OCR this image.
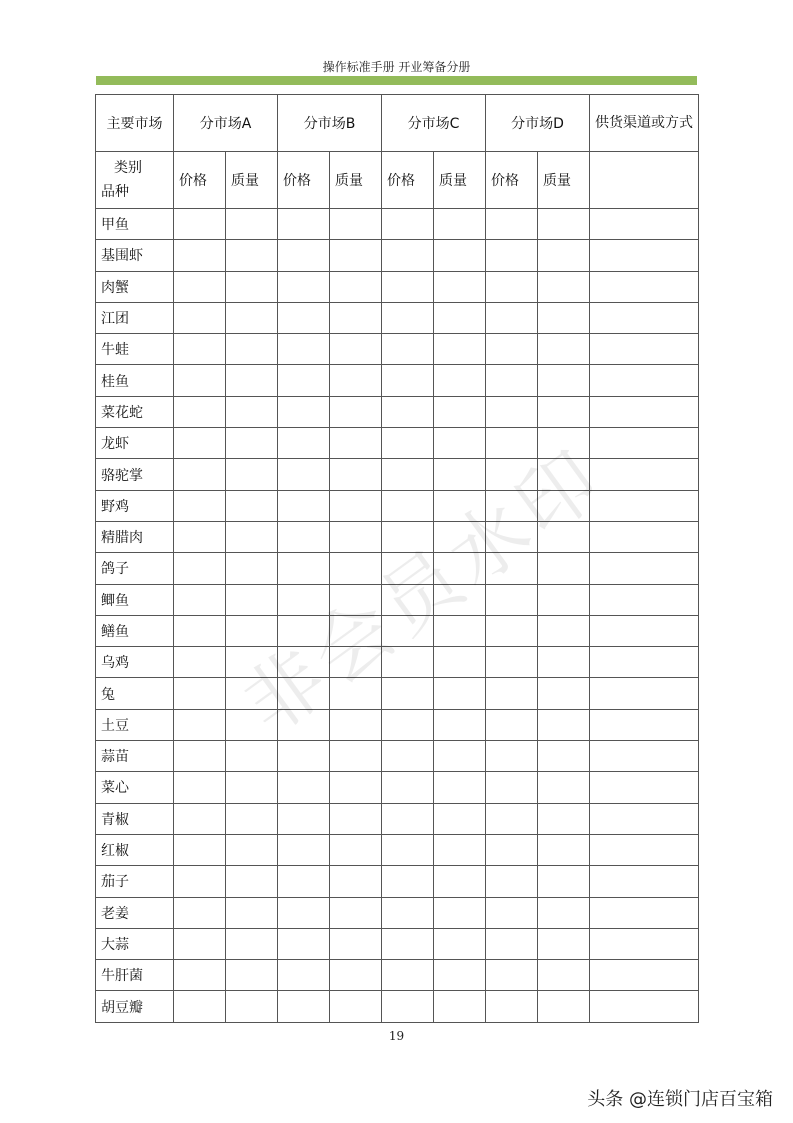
操作标准手册 开业筹备分册
主要市场	分市场A		分市场B		分市场C		分市场D		供货渠道或方式

类别
品种	价格	质量	价格	质量	价格	质量	价格	质量	
甲鱼									
基围虾									
肉蟹									
江团									
牛蛙									
桂鱼									
菜花蛇									
龙虾									
骆驼掌									
野鸡									
精腊肉									
鸽子									
鲫鱼									
鳝鱼									
乌鸡									
兔									
土豆									
蒜苗									
菜心									
青椒									
红椒									
茄子									
老姜									
大蒜									
牛肝菌									
胡豆瓣									
非会员水印
19
头条 @连锁门店百宝箱
